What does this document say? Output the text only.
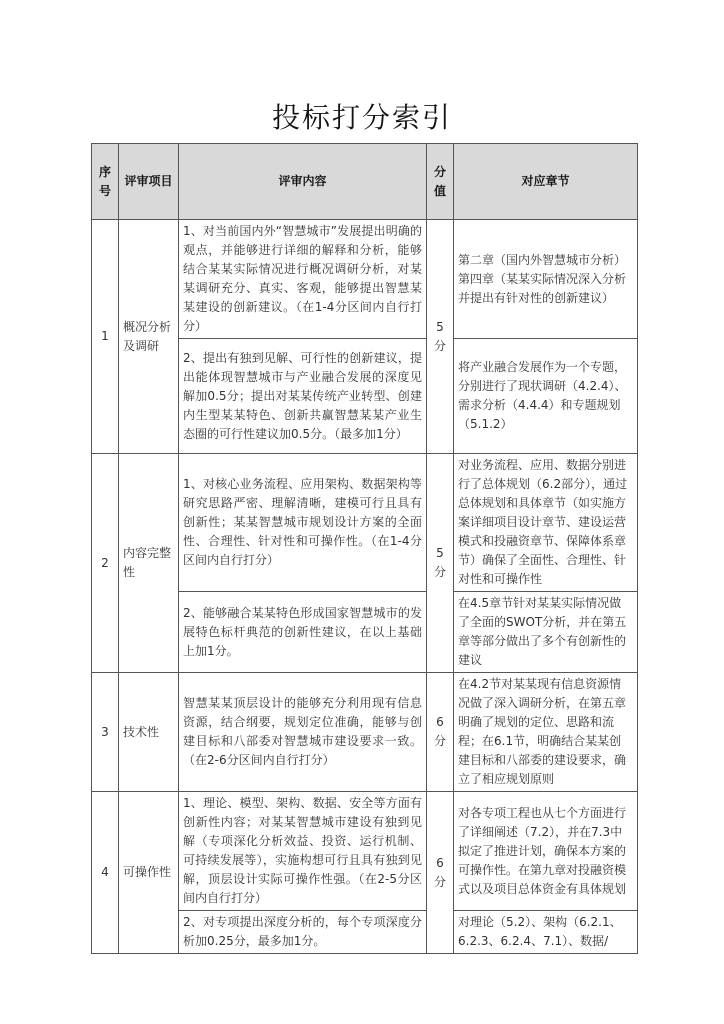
投标打分索引
序号	评审项目	评审内容	分值	对应章节
1	概况分析及调研	1、对当前国内外“智慧城市”发展提出明确的观点，并能够进行详细的解释和分析，能够结合某某实际情况进行概况调研分析，对某某调研充分、真实、客观，能够提出智慧某某建设的创新建议。（在1-4分区间内自行打分）	5分	第二章（国内外智慧城市分析）第四章（某某实际情况深入分析并提出有针对性的创新建议）
		2、提出有独到见解、可行性的创新建议，提出能体现智慧城市与产业融合发展的深度见解加0.5分；提出对某某传统产业转型、创建内生型某某特色、创新共赢智慧某某产业生态圈的可行性建议加0.5分。（最多加1分）		将产业融合发展作为一个专题，分别进行了现状调研（4.2.4）、需求分析（4.4.4）和专题规划（5.1.2）
2	内容完整性	1、对核心业务流程、应用架构、数据架构等研究思路严密、理解清晰，建模可行且具有创新性；某某智慧城市规划设计方案的全面性、合理性、针对性和可操作性。（在1-4分区间内自行打分）	5分	对业务流程、应用、数据分别进行了总体规划（6.2部分），通过总体规划和具体章节（如实施方案详细项目设计章节、建设运营模式和投融资章节、保障体系章节）确保了全面性、合理性、针对性和可操作性
		2、能够融合某某特色形成国家智慧城市的发展特色标杆典范的创新性建议，在以上基础上加1分。		在4.5章节针对某某实际情况做了全面的SWOT分析，并在第五章等部分做出了多个有创新性的建议
3	技术性	智慧某某顶层设计的能够充分利用现有信息资源，结合纲要，规划定位准确，能够与创建目标和八部委对智慧城市建设要求一致。（在2-6分区间内自行打分）	6分	在4.2节对某某现有信息资源情况做了深入调研分析，在第五章明确了规划的定位、思路和流程；在6.1节，明确结合某某创建目标和八部委的建设要求，确立了相应规划原则
4	可操作性	1、理论、模型、架构、数据、安全等方面有创新性内容；对某某智慧城市建设有独到见解（专项深化分析效益、投资、运行机制、可持续发展等），实施构想可行且具有独到见解，顶层设计实际可操作性强。（在2-5分区间内自行打分）	6分	对各专项工程也从七个方面进行了详细阐述（7.2），并在7.3中拟定了推进计划，确保本方案的可操作性。在第九章对投融资模式以及项目总体资金有具体规划
		2、对专项提出深度分析的，每个专项深度分析加0.25分，最多加1分。		对理论（5.2）、架构（6.2.1、6.2.3、6.2.4、7.1）、数据/
